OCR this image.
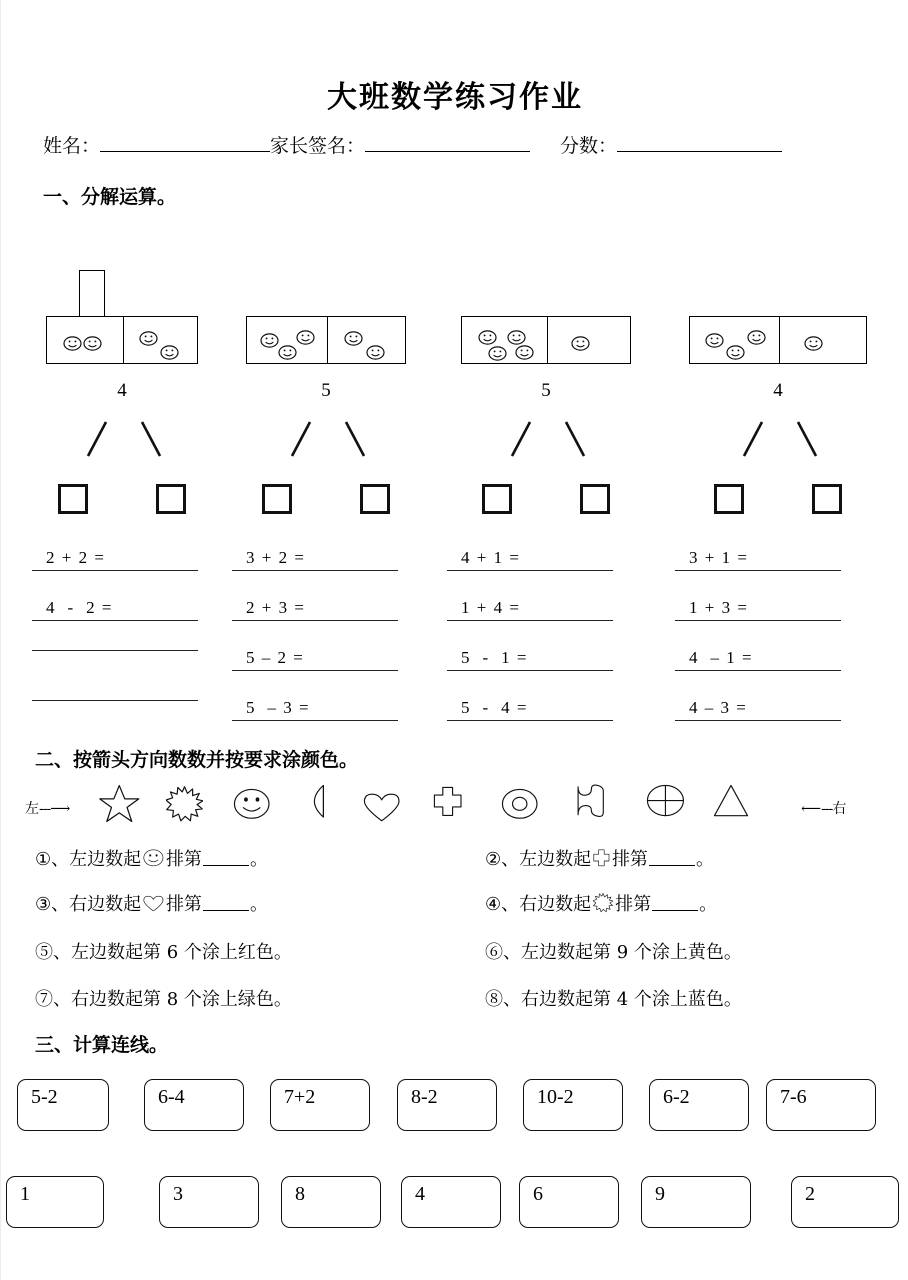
大班数学练习作业
姓名：	家长签名：	分数：
一、分解运算。
4
2 + 2 =
4  -  2 =
5
3 + 2 =
2 + 3 =
5 – 2 =
5  – 3 =
5
4 + 1 =
1 + 4 =
5  -  1 =
5  -  4 =
4
3 + 1 =
1 + 3 =
4  – 1 =
4 – 3 =
二、按箭头方向数数并按要求涂颜色。
左---⟶	⟵---右
①、 左边数起 排第	。	②、 左边数起 排第	。
③、 右边数起 排第	。	④、 右边数起 排第	。
⑤、左边数起第 6 个涂上红色。	⑥、左边数起第 9 个涂上黄色。
⑦、右边数起第 8 个涂上绿色。	⑧、右边数起第 4 个涂上蓝色。
三、计算连线。
5-2	6-4	7+2	8-2	10-2	6-2	7-6
1	3	8	4	6	9	2
